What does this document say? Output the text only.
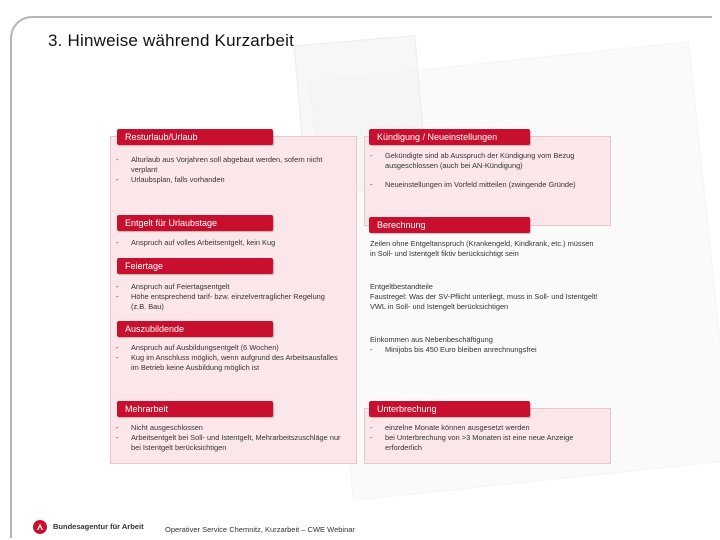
3. Hinweise während Kurzarbeit
Resturlaub/Urlaub
- Alturlaub aus Vorjahren soll abgebaut werden, sofern nicht verplant
- Urlaubsplan, falls vorhanden
Entgelt für Urlaubstage
- Anspruch auf volles Arbeitsentgelt, kein Kug
Feiertage
- Anspruch auf Feiertagsentgelt
- Höhe entsprechend tarif- bzw. einzelvertraglicher Regelung (z.B. Bau)
Auszubildende
- Anspruch auf Ausbildungsentgelt (6 Wochen)
- Kug im Anschluss möglich, wenn aufgrund des Arbeitsausfalles im Betrieb keine Ausbildung möglich ist
Mehrarbeit
- Nicht ausgeschlossen
- Arbeitsentgelt bei Soll- und Istentgelt, Mehrarbeitszuschläge nur bei Istentgelt berücksichtigen
Kündigung / Neueinstellungen
- Gekündigte sind ab Ausspruch der Kündigung vom Bezug ausgeschlossen (auch bei AN-Kündigung)
- Neueinstellungen im Vorfeld mitteilen (zwingende Gründe)
Berechnung
Zeilen ohne Entgeltanspruch (Krankengeld, Kindkrank, etc.) müssen in Soll- und Istentgelt fiktiv berücksichtigt sein
Entgeltbestandteile
Faustregel: Was der SV-Pflicht unterliegt, muss in Soll- und Istentgelt!
VWL in Soll- und Istengelt berücksichtigen
Einkommen aus Nebenbeschäftigung
- Minijobs bis 450 Euro bleiben anrechnungsfrei
Unterbrechung
- einzelne Monate können ausgesetzt werden
- bei Unterbrechung von >3 Monaten ist eine neue Anzeige erforderlich
Bundesagentur für Arbeit	Operativer Service Chemnitz, Kurzarbeit – CWE Webinar
